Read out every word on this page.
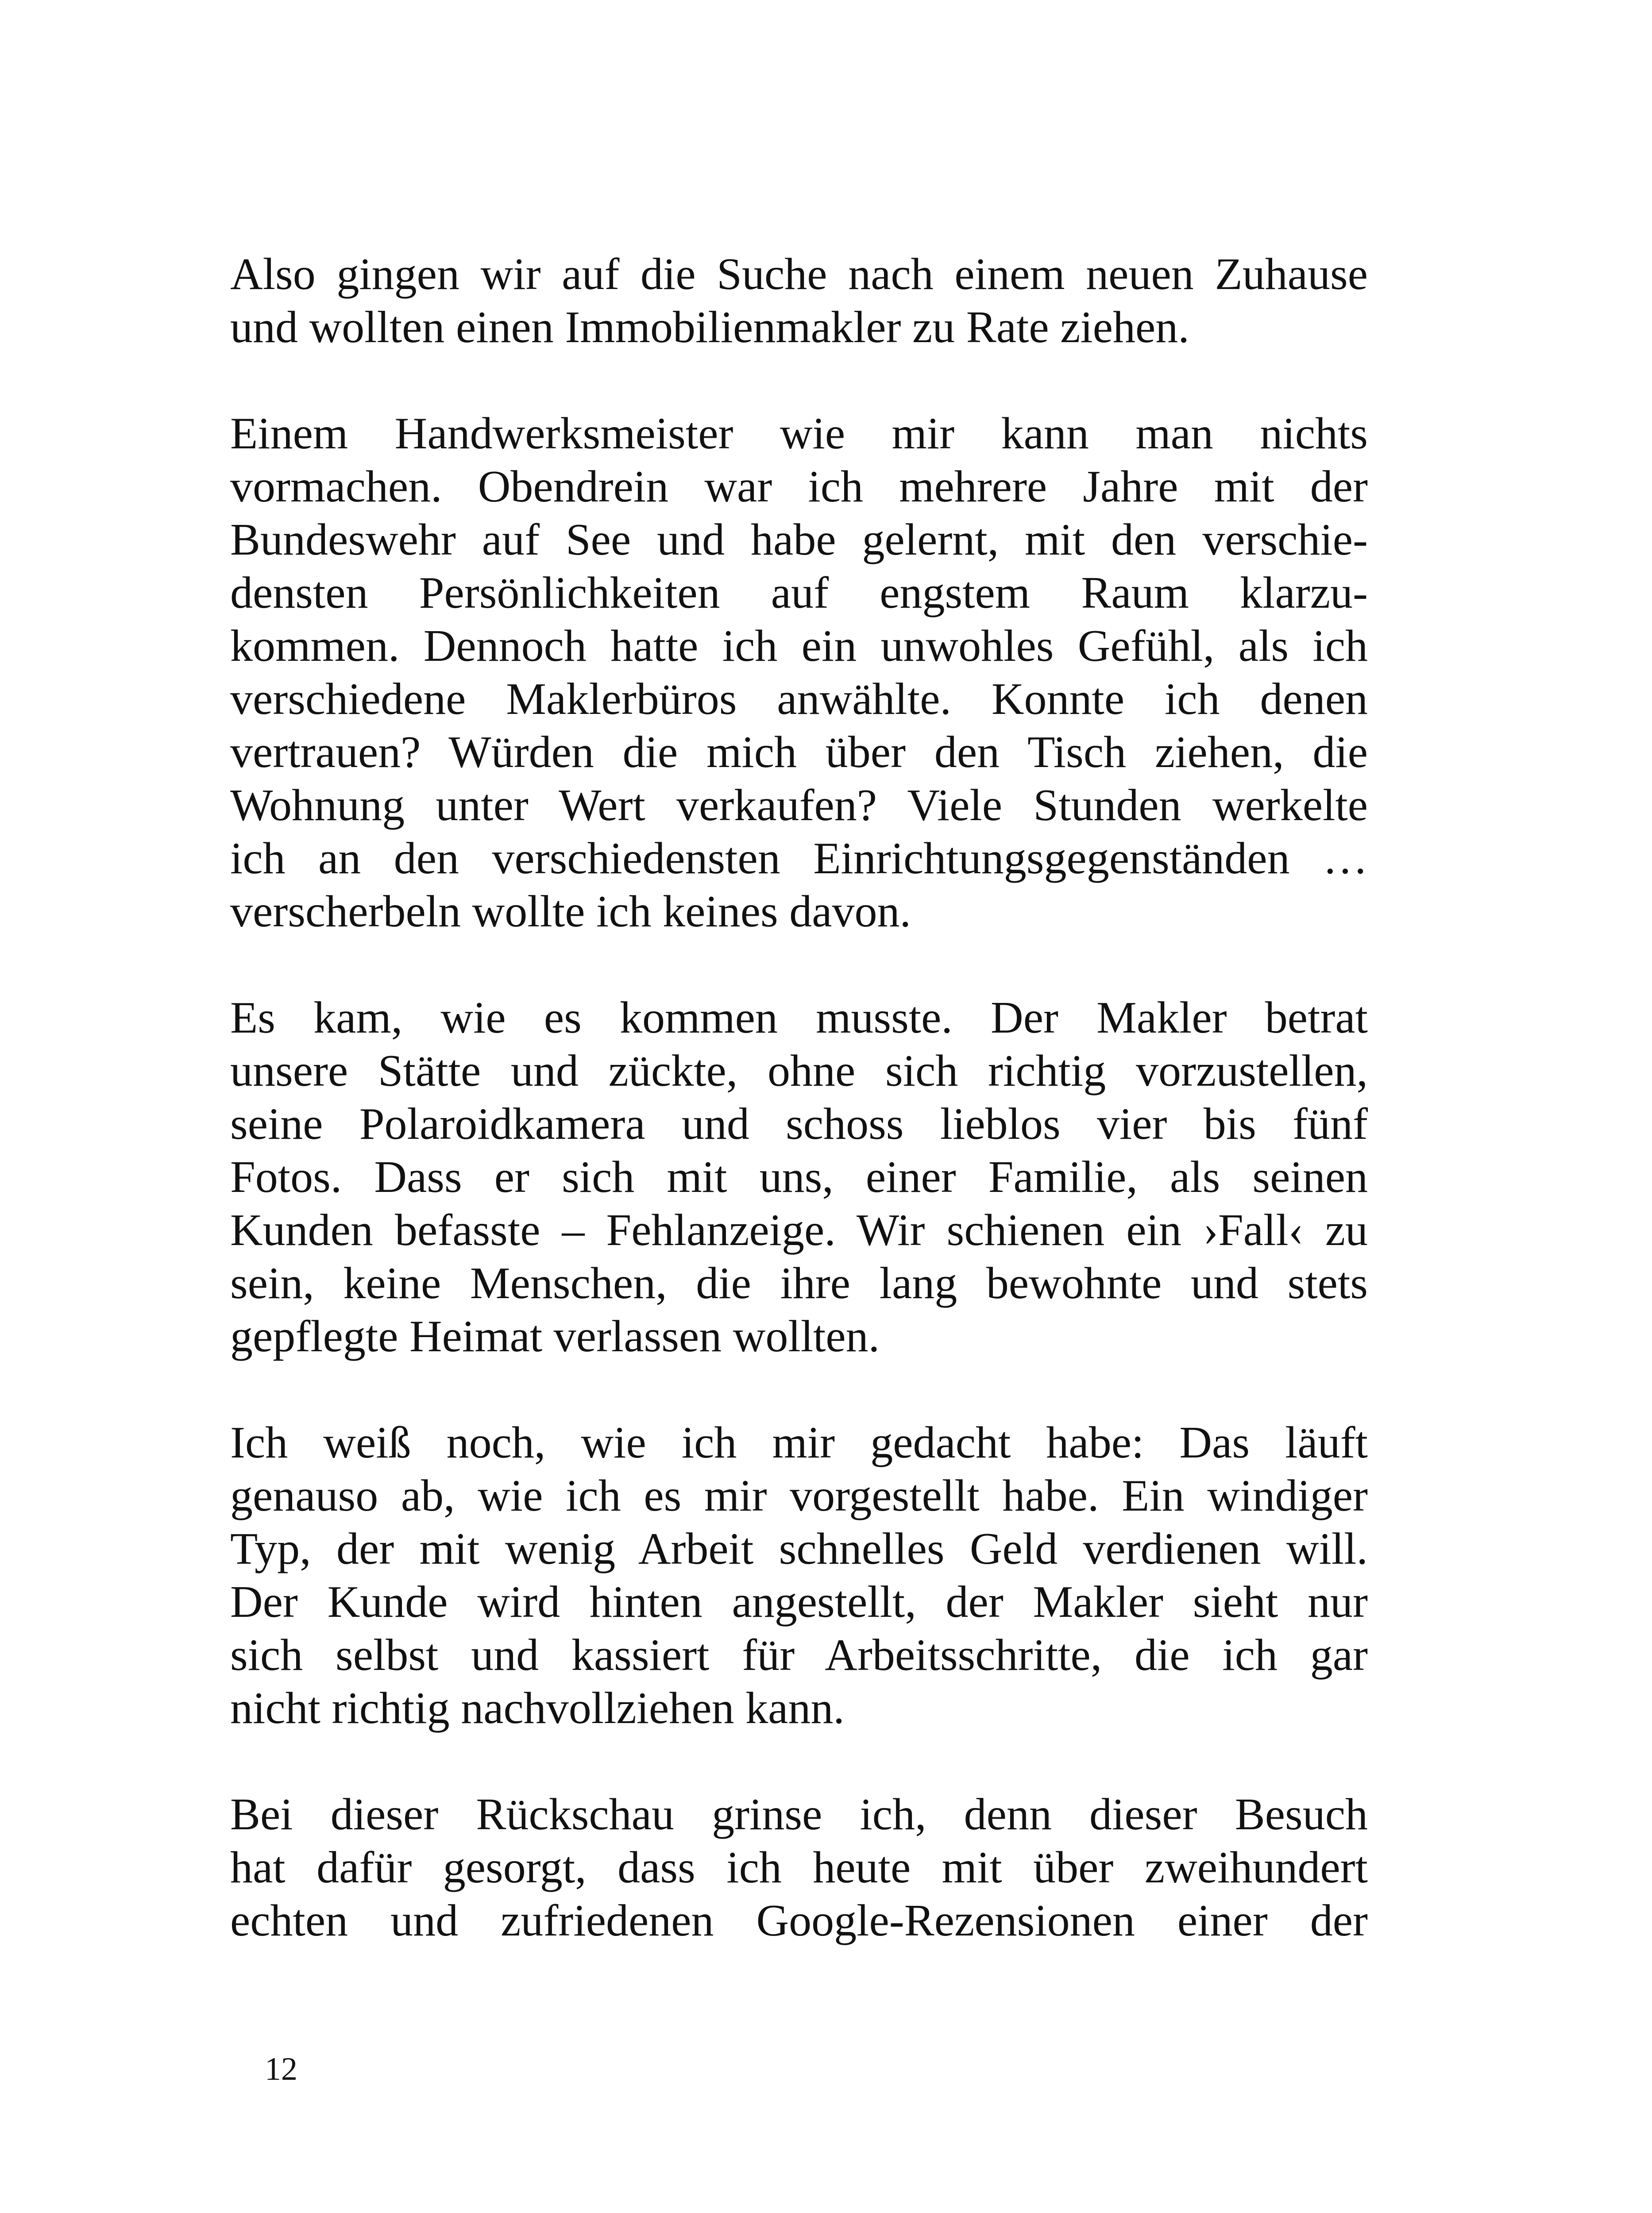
Also gingen wir auf die Suche nach einem neuen Zuhause
und wollten einen Immobilienmakler zu Rate ziehen.

Einem Handwerksmeister wie mir kann man nichts
vormachen. Obendrein war ich mehrere Jahre mit der
Bundeswehr auf See und habe gelernt, mit den verschie-
densten Persönlichkeiten auf engstem Raum klarzu-
kommen. Dennoch hatte ich ein unwohles Gefühl, als ich
verschiedene Maklerbüros anwählte. Konnte ich denen
vertrauen? Würden die mich über den Tisch ziehen, die
Wohnung unter Wert verkaufen? Viele Stunden werkelte
ich an den verschiedensten Einrichtungsgegenständen …
verscherbeln wollte ich keines davon.

Es kam, wie es kommen musste. Der Makler betrat
unsere Stätte und zückte, ohne sich richtig vorzustellen,
seine Polaroidkamera und schoss lieblos vier bis fünf
Fotos. Dass er sich mit uns, einer Familie, als seinen
Kunden befasste – Fehlanzeige. Wir schienen ein ›Fall‹ zu
sein, keine Menschen, die ihre lang bewohnte und stets
gepflegte Heimat verlassen wollten.

Ich weiß noch, wie ich mir gedacht habe: Das läuft
genauso ab, wie ich es mir vorgestellt habe. Ein windiger
Typ, der mit wenig Arbeit schnelles Geld verdienen will.
Der Kunde wird hinten angestellt, der Makler sieht nur
sich selbst und kassiert für Arbeitsschritte, die ich gar
nicht richtig nachvollziehen kann.

Bei dieser Rückschau grinse ich, denn dieser Besuch
hat dafür gesorgt, dass ich heute mit über zweihundert
echten und zufriedenen Google-Rezensionen einer der

12
